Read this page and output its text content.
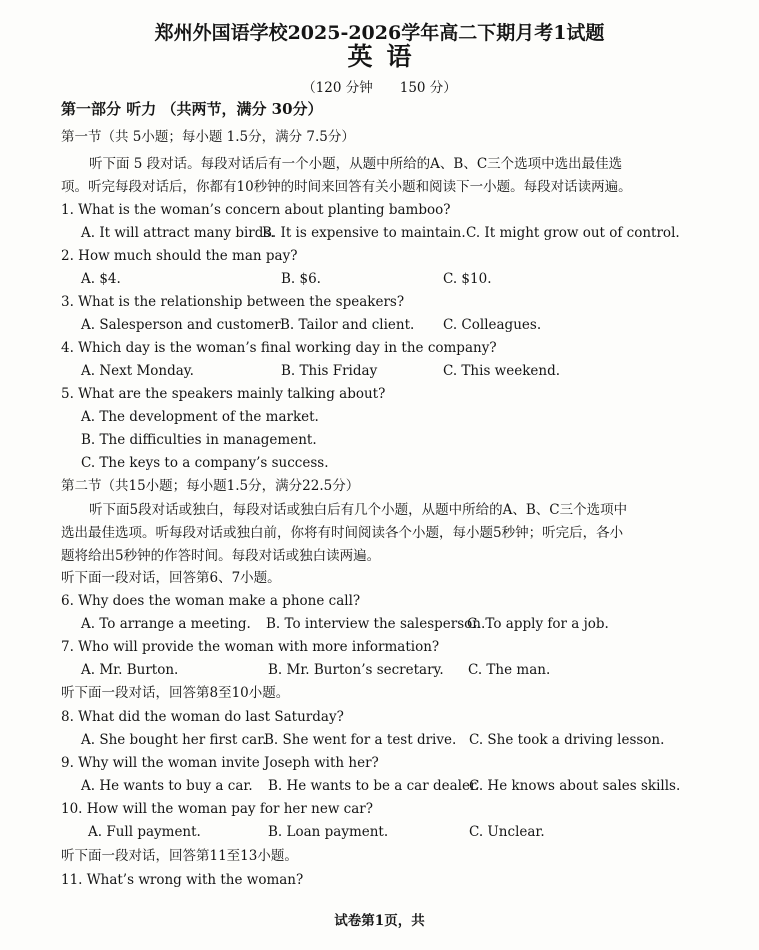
郑州外国语学校2025-2026学年高二下期月考1试题
英语
（120 分钟　　150 分）
第一部分 听力 （共两节，满分 30分）
第一节（共 5小题；每小题 1.5分，满分 7.5分）
听下面 5 段对话。每段对话后有一个小题，从题中所给的A、B、C三个选项中选出最佳选
项。听完每段对话后，你都有10秒钟的时间来回答有关小题和阅读下一小题。每段对话读两遍。
1. What is the woman’s concern about planting bamboo?
A. It will attract many birds.
B. It is expensive to maintain. C. It might grow out of control.
2. How much should the man pay?
A. $4.	B. $6.	C. $10.
3. What is the relationship between the speakers?
A. Salesperson and customer B. Tailor and client. C. Colleagues.
4. Which day is the woman’s final working day in the company?
A. Next Monday.	B. This Friday	C. This weekend.
5. What are the speakers mainly talking about?
A. The development of the market.
B. The difficulties in management.
C. The keys to a company’s success.
第二节（共15小题；每小题1.5分，满分22.5分）
听下面5段对话或独白，每段对话或独白后有几个小题，从题中所给的A、B、C三个选项中
选出最佳选项。听每段对话或独白前，你将有时间阅读各个小题，每小题5秒钟；听完后，各小
题将给出5秒钟的作答时间。每段对话或独白读两遍。
听下面一段对话，回答第6、7小题。
6. Why does the woman make a phone call?
A. To arrange a meeting. B. To interview the salesperson.
C. To apply for a job.
7. Who will provide the woman with more information?
A. Mr. Burton.	B. Mr. Burton’s secretary. C. The man.
听下面一段对话，回答第8至10小题。
8. What did the woman do last Saturday?
A. She bought her first car.
B. She went for a test drive. C. She took a driving lesson.
9. Why will the woman invite Joseph with her?
A. He wants to buy a car. B. He wants to be a car dealer.
C. He knows about sales skills.
10. How will the woman pay for her new car?
A. Full payment.	B. Loan payment.	C. Unclear.
听下面一段对话，回答第11至13小题。
11. What’s wrong with the woman?
试卷第1页，共
